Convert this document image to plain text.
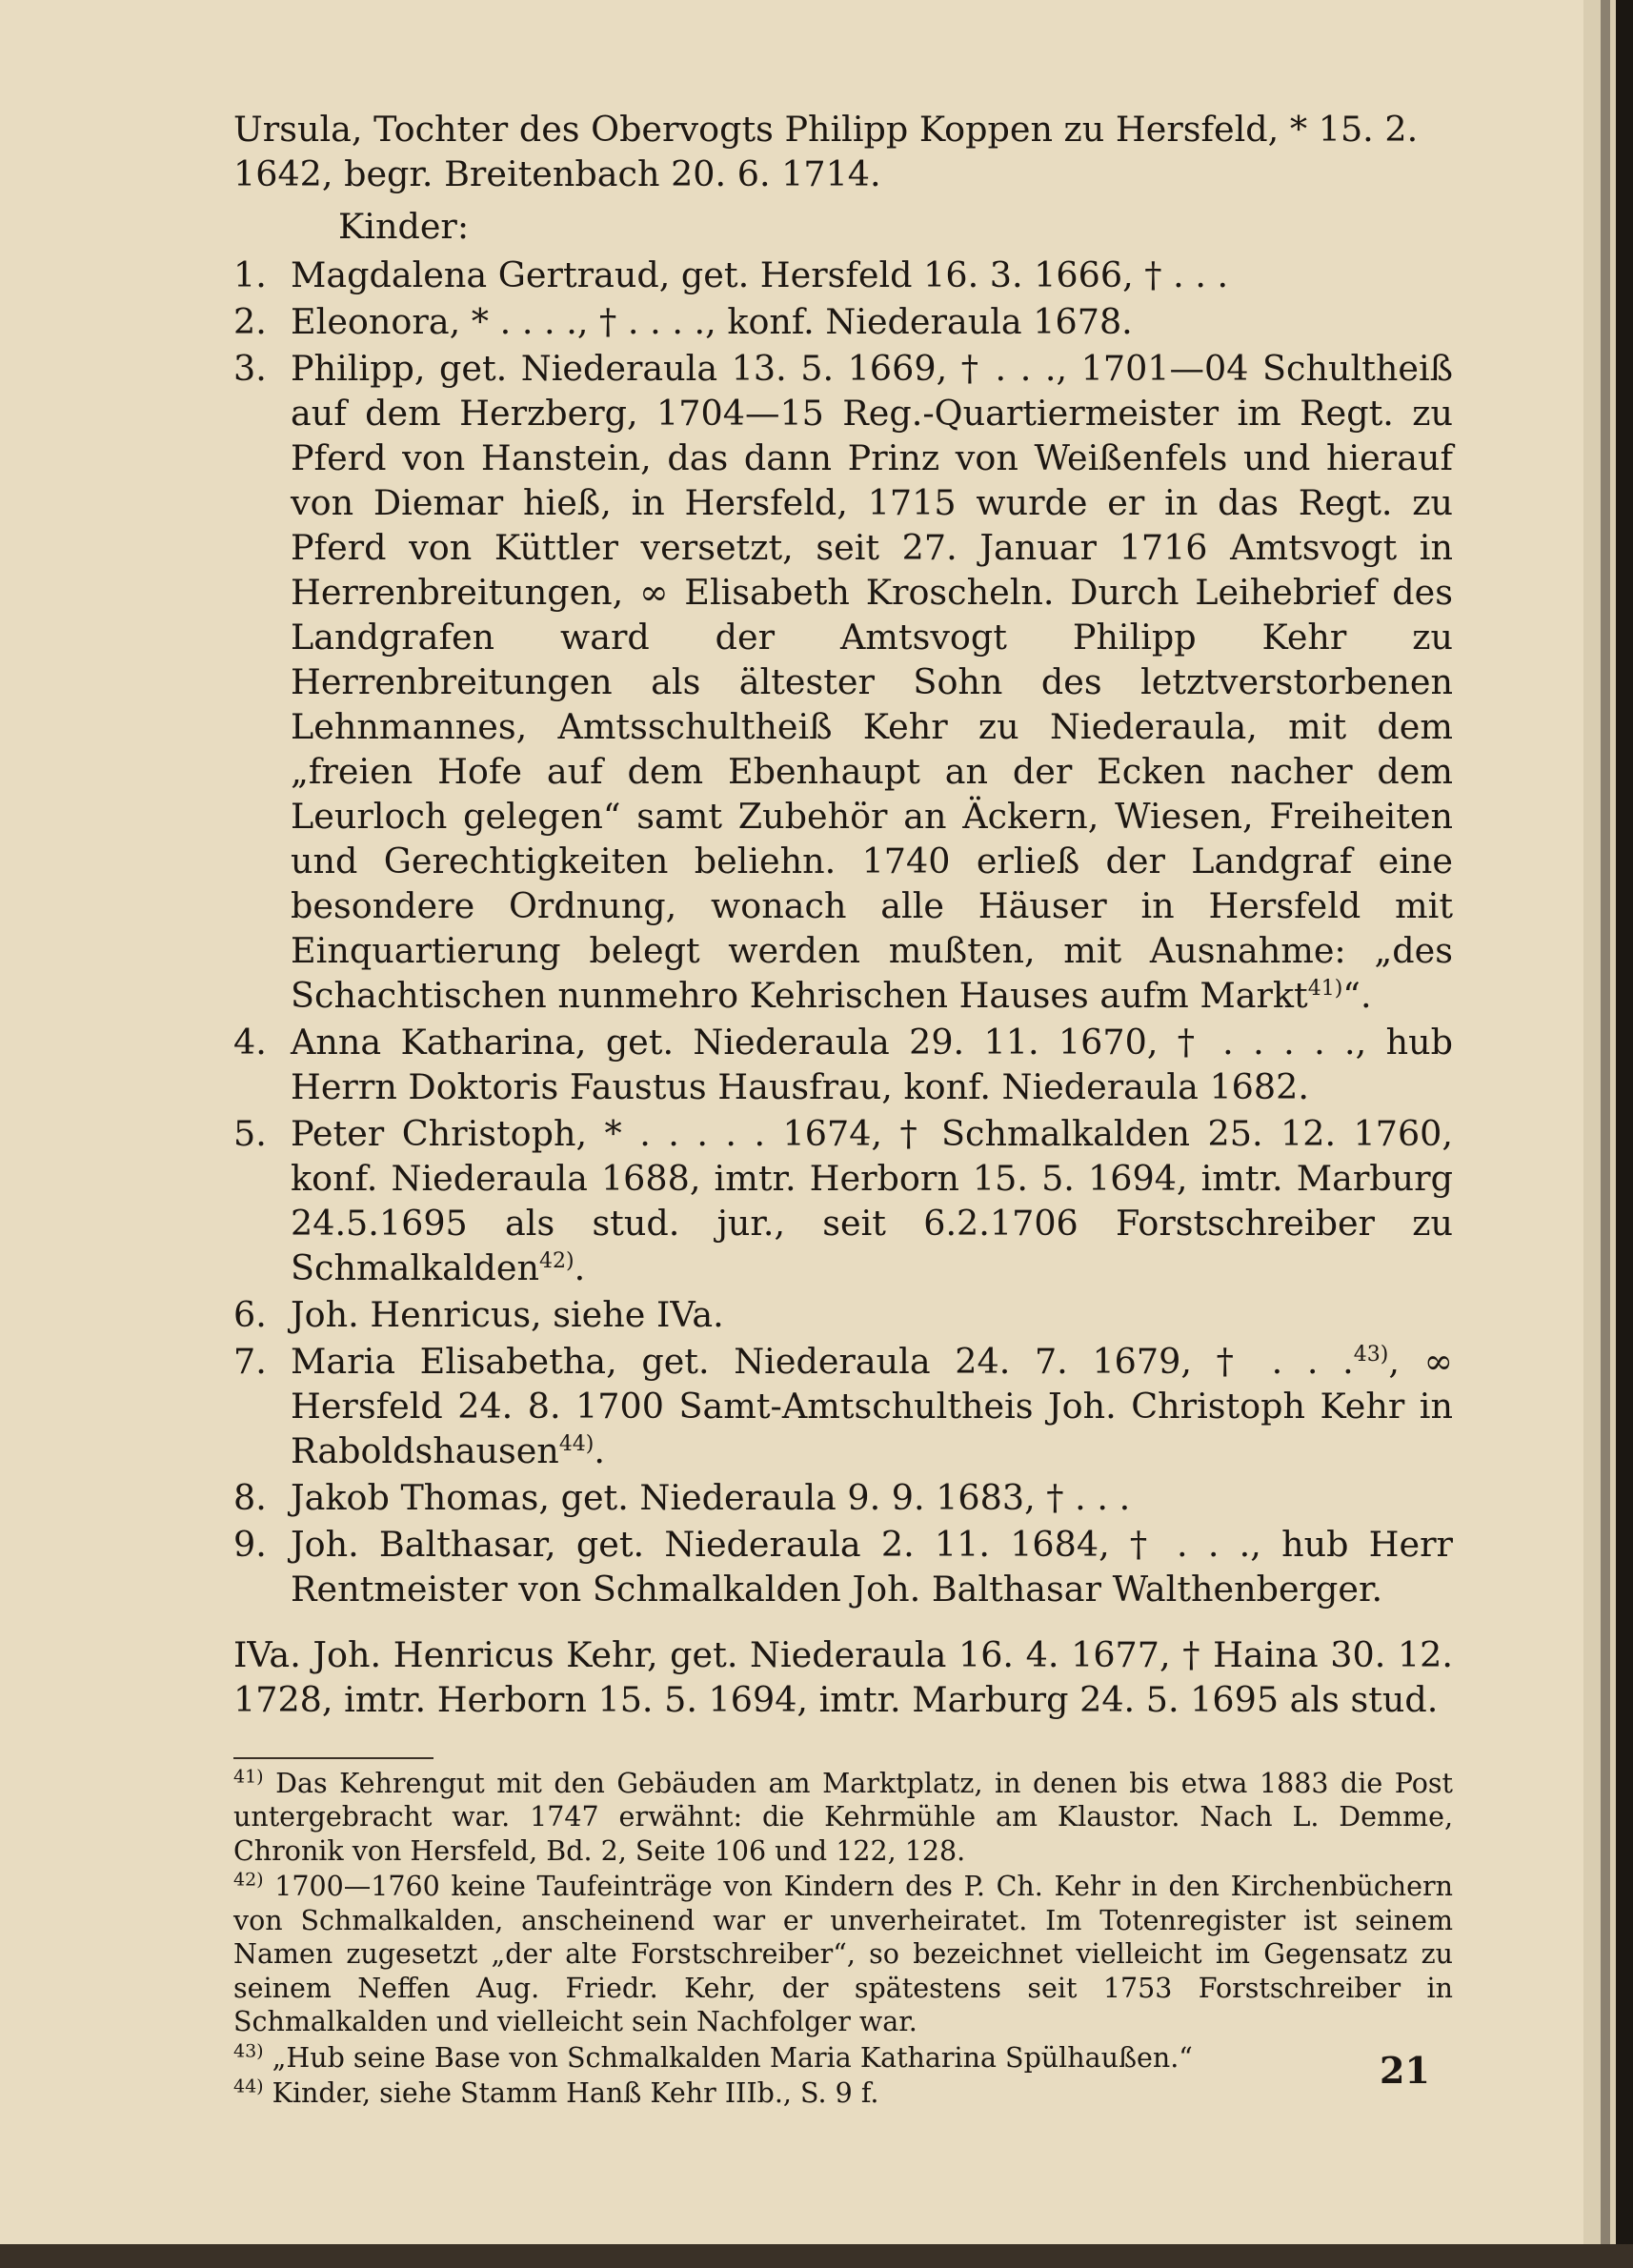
Ursula, Tochter des Obervogts Philipp Koppen zu Hersfeld, * 15. 2. 1642, begr. Breitenbach 20. 6. 1714.

Kinder:
1. Magdalena Gertraud, get. Hersfeld 16. 3. 1666, † . . .
2. Eleonora, * . . . ., † . . . ., konf. Niederaula 1678.
3. Philipp, get. Niederaula 13. 5. 1669, † . . ., 1701—04 Schultheiß auf dem Herzberg, 1704—15 Reg.-Quartiermeister im Regt. zu Pferd von Hanstein, das dann Prinz von Weißenfels und hierauf von Diemar hieß, in Hersfeld, 1715 wurde er in das Regt. zu Pferd von Küttler versetzt, seit 27. Januar 1716 Amtsvogt in Herrenbreitungen, ∞ Elisabeth Kroscheln. Durch Leihebrief des Landgrafen ward der Amtsvogt Philipp Kehr zu Herrenbreitungen als ältester Sohn des letztverstorbenen Lehnmannes, Amtsschultheiß Kehr zu Niederaula, mit dem „freien Hofe auf dem Ebenhaupt an der Ecken nacher dem Leurloch gelegen“ samt Zubehör an Äckern, Wiesen, Freiheiten und Gerechtigkeiten beliehn. 1740 erließ der Landgraf eine besondere Ordnung, wonach alle Häuser in Hersfeld mit Einquartierung belegt werden mußten, mit Ausnahme: „des Schachtischen nunmehro Kehrischen Hauses aufm Markt$^{41)}$“.
4. Anna Katharina, get. Niederaula 29. 11. 1670, † . . . . ., hub Herrn Doktoris Faustus Hausfrau, konf. Niederaula 1682.
5. Peter Christoph, * . . . . . 1674, † Schmalkalden 25. 12. 1760, konf. Niederaula 1688, imtr. Herborn 15. 5. 1694, imtr. Marburg 24.5.1695 als stud. jur., seit 6.2.1706 Forstschreiber zu Schmalkalden$^{42)}$.
6. Joh. Henricus, siehe IVa.
7. Maria Elisabetha, get. Niederaula 24. 7. 1679, † . . .$^{43)}$, ∞ Hersfeld 24. 8. 1700 Samt-Amtschultheis Joh. Christoph Kehr in Raboldshausen$^{44)}$.
8. Jakob Thomas, get. Niederaula 9. 9. 1683, † . . .
9. Joh. Balthasar, get. Niederaula 2. 11. 1684, † . . ., hub Herr Rentmeister von Schmalkalden Joh. Balthasar Walthenberger.

IVa. Joh. Henricus Kehr, get. Niederaula 16. 4. 1677, † Haina 30. 12. 1728, imtr. Herborn 15. 5. 1694, imtr. Marburg 24. 5. 1695 als stud.

$^{41)}$ Das Kehrengut mit den Gebäuden am Marktplatz, in denen bis etwa 1883 die Post untergebracht war. 1747 erwähnt: die Kehrmühle am Klaustor. Nach L. Demme, Chronik von Hersfeld, Bd. 2, Seite 106 und 122, 128.

$^{42)}$ 1700—1760 keine Taufeinträge von Kindern des P. Ch. Kehr in den Kirchenbüchern von Schmalkalden, anscheinend war er unverheiratet. Im Totenregister ist seinem Namen zugesetzt „der alte Forstschreiber“, so bezeichnet vielleicht im Gegensatz zu seinem Neffen Aug. Friedr. Kehr, der spätestens seit 1753 Forstschreiber in Schmalkalden und vielleicht sein Nachfolger war.

$^{43)}$ „Hub seine Base von Schmalkalden Maria Katharina Spülhaußen.“

$^{44)}$ Kinder, siehe Stamm Hanß Kehr IIIb., S. 9 f.

21
